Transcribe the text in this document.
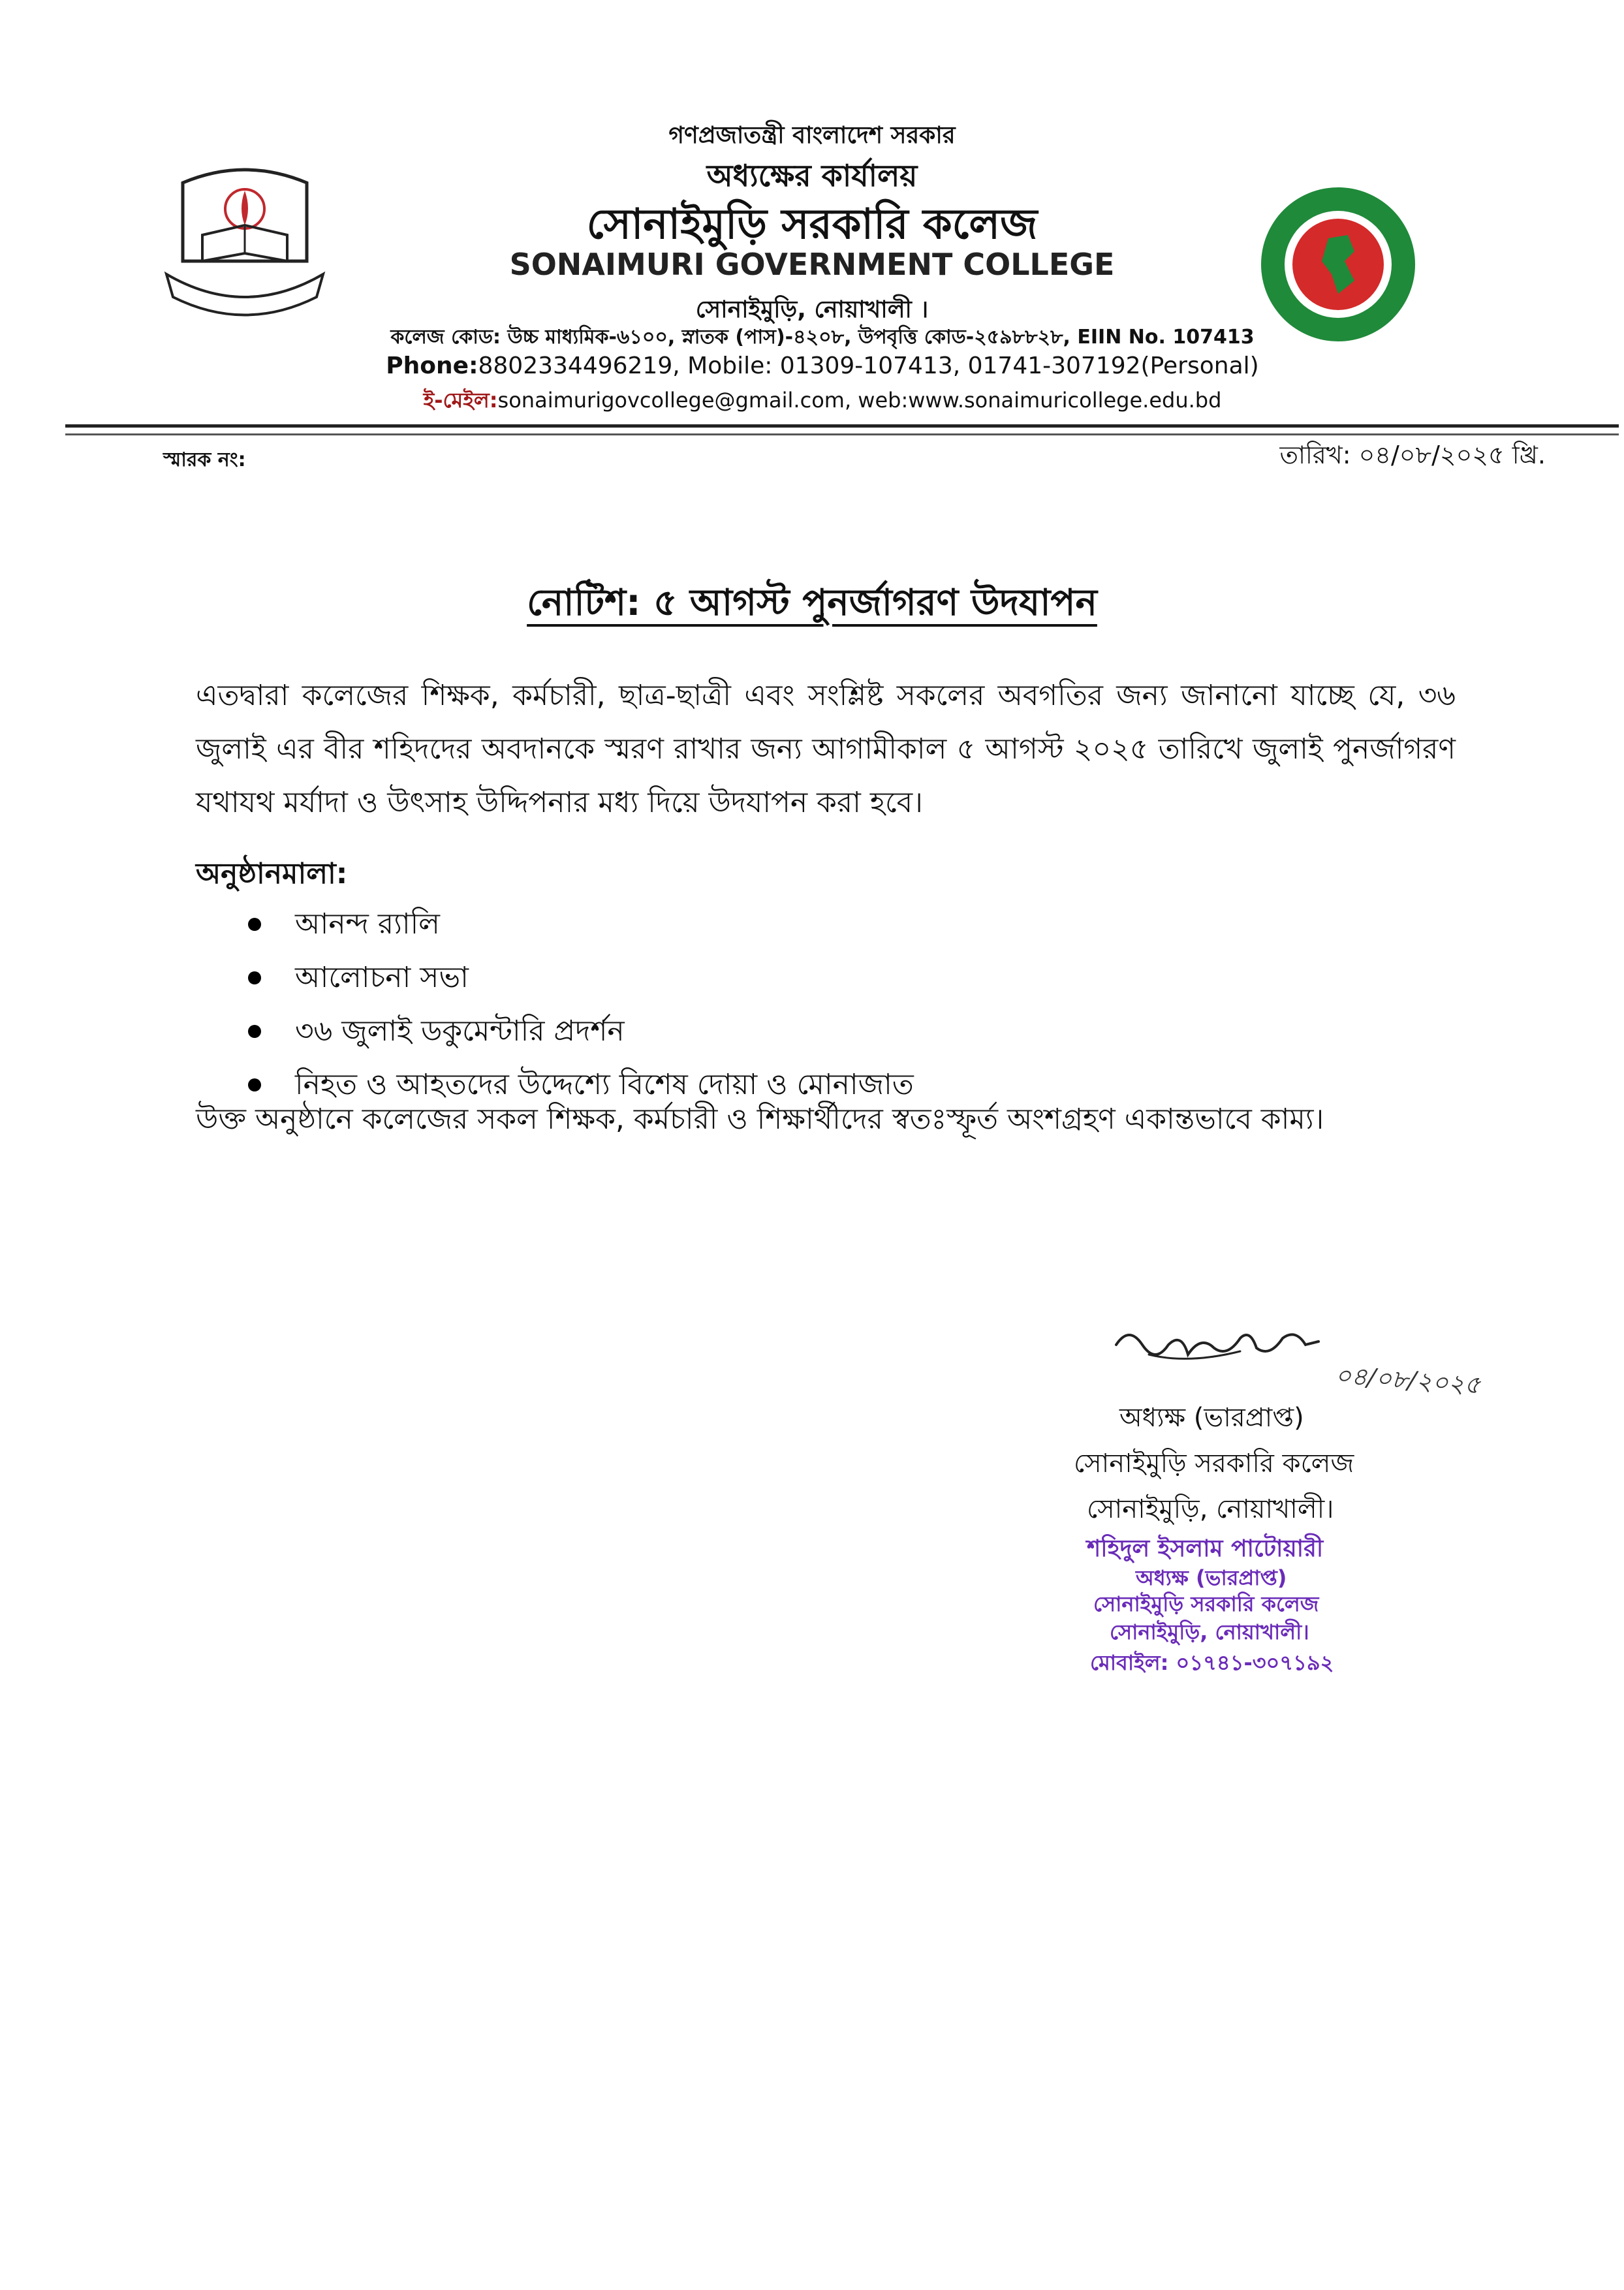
গণপ্রজাতন্ত্রী বাংলাদেশ সরকার
অধ্যক্ষের কার্যালয়
সোনাইমুড়ি সরকারি কলেজ
SONAIMURI GOVERNMENT COLLEGE
সোনাইমুড়ি, নোয়াখালী ।
কলেজ কোড: উচ্চ মাধ্যমিক-৬১০০, স্নাতক (পাস)-৪২০৮, উপবৃত্তি কোড-২৫৯৮৮২৮, EIIN No. 107413
Phone:8802334496219, Mobile: 01309-107413, 01741-307192(Personal)
ই-মেইল:sonaimurigovcollege@gmail.com, web:www.sonaimuricollege.edu.bd
স্মারক নং:	তারিখ: ০৪/০৮/২০২৫ খ্রি.
নোটিশ: ৫ আগস্ট পুনর্জাগরণ উদযাপন
এতদ্বারা কলেজের শিক্ষক, কর্মচারী, ছাত্র-ছাত্রী এবং সংশ্লিষ্ট সকলের অবগতির জন্য জানানো যাচ্ছে যে, ৩৬ জুলাই এর বীর শহিদদের অবদানকে স্মরণ রাখার জন্য আগামীকাল ৫ আগস্ট ২০২৫ তারিখে জুলাই পুনর্জাগরণ যথাযথ মর্যাদা ও উৎসাহ উদ্দিপনার মধ্য দিয়ে উদযাপন করা হবে।
অনুষ্ঠানমালা:
আনন্দ র‍্যালি
আলোচনা সভা
৩৬ জুলাই ডকুমেন্টারি প্রদর্শন
নিহত ও আহতদের উদ্দেশ্যে বিশেষ দোয়া ও মোনাজাত
উক্ত অনুষ্ঠানে কলেজের সকল শিক্ষক, কর্মচারী ও শিক্ষার্থীদের স্বতঃস্ফূর্ত অংশগ্রহণ একান্তভাবে কাম্য।
০৪/০৮/২০২৫
অধ্যক্ষ (ভারপ্রাপ্ত)
সোনাইমুড়ি সরকারি কলেজ
সোনাইমুড়ি, নোয়াখালী।
শহিদুল ইসলাম পাটোয়ারী
অধ্যক্ষ (ভারপ্রাপ্ত)
সোনাইমুড়ি সরকারি কলেজ
সোনাইমুড়ি, নোয়াখালী।
মোবাইল: ০১৭৪১-৩০৭১৯২
